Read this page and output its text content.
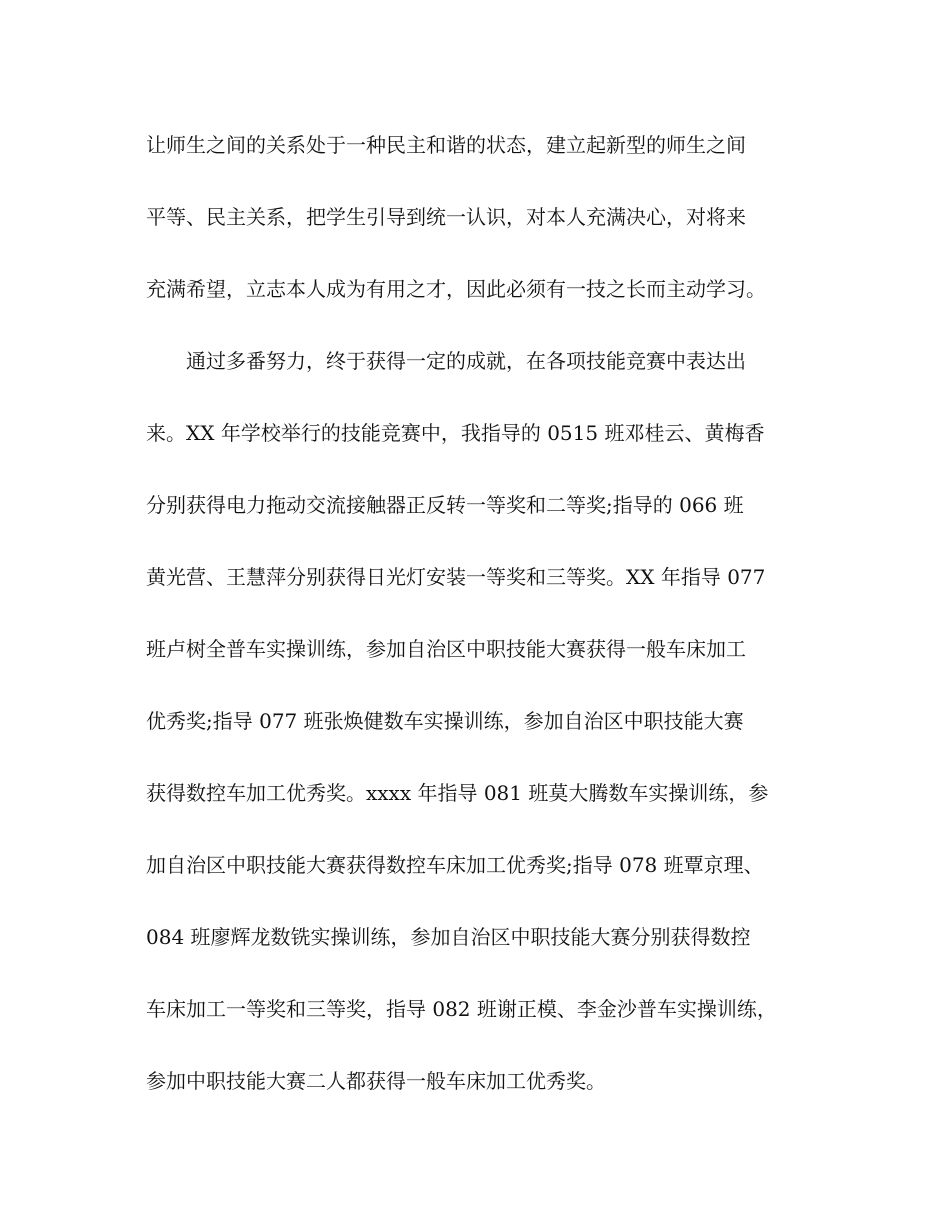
让师生之间的关系处于一种民主和谐的状态，建立起新型的师生之间
平等、民主关系，把学生引导到统一认识，对本人充满决心，对将来
充满希望，立志本人成为有用之才，因此必须有一技之长而主动学习。
通过多番努力，终于获得一定的成就，在各项技能竞赛中表达出
来。XX 年学校举行的技能竞赛中，我指导的 0515 班邓桂云、黄梅香
分别获得电力拖动交流接触器正反转一等奖和二等奖;指导的 066 班
黄光营、王慧萍分别获得日光灯安装一等奖和三等奖。XX 年指导 077
班卢树全普车实操训练，参加自治区中职技能大赛获得一般车床加工
优秀奖;指导 077 班张焕健数车实操训练，参加自治区中职技能大赛
获得数控车加工优秀奖。xxxx 年指导 081 班莫大腾数车实操训练，参
加自治区中职技能大赛获得数控车床加工优秀奖;指导 078 班覃京理、
084 班廖辉龙数铣实操训练，参加自治区中职技能大赛分别获得数控
车床加工一等奖和三等奖，指导 082 班谢正模、李金沙普车实操训练，
参加中职技能大赛二人都获得一般车床加工优秀奖。
